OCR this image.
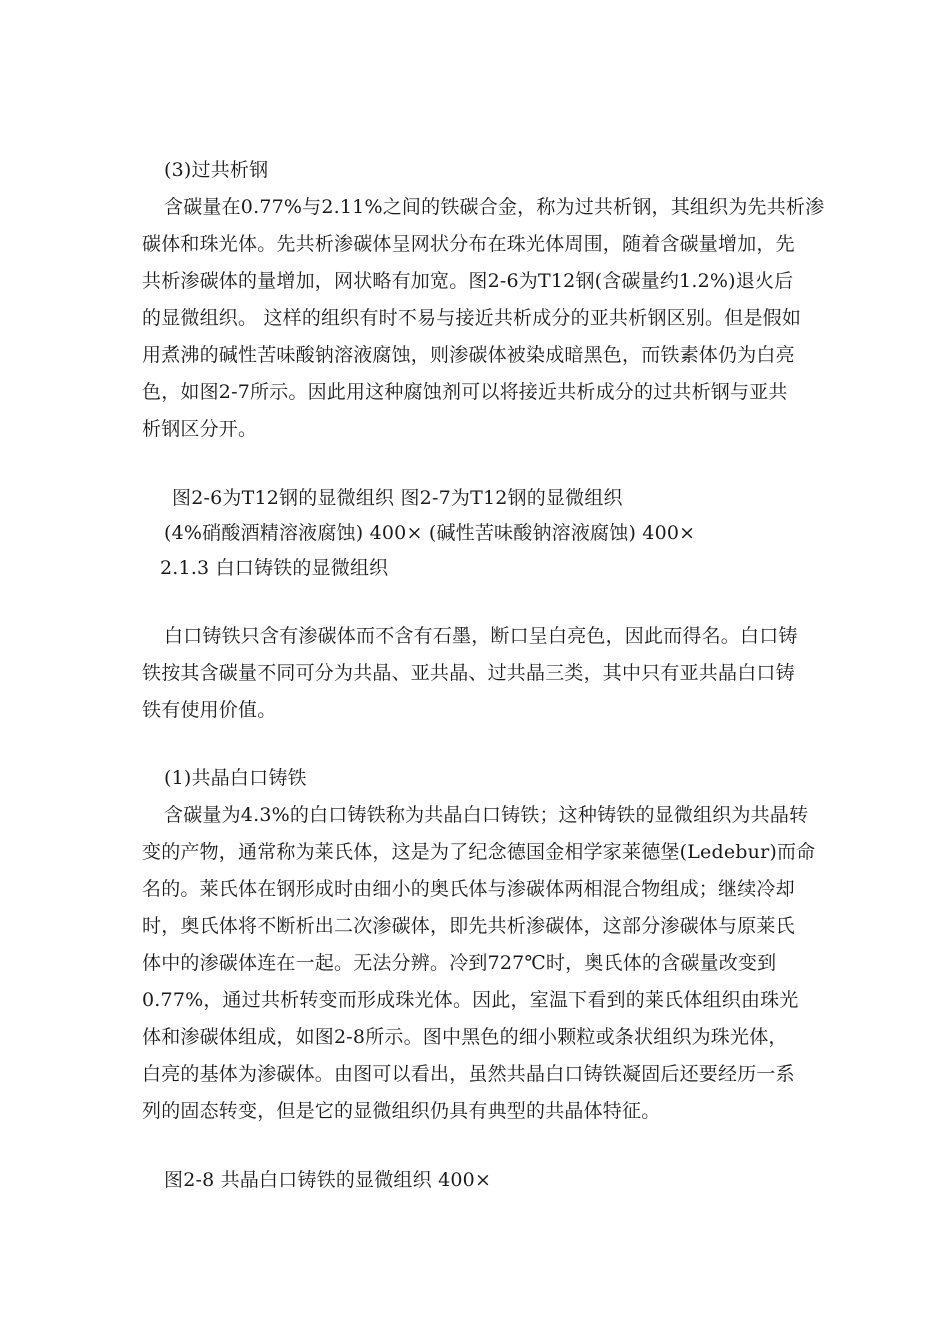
(3)过共析钢
含碳量在0.77%与2.11%之间的铁碳合金，称为过共析钢，其组织为先共析渗
碳体和珠光体。先共析渗碳体呈网状分布在珠光体周围，随着含碳量增加，先
共析渗碳体的量增加，网状略有加宽。图2-6为T12钢(含碳量约1.2%)退火后
的显微组织。 这样的组织有时不易与接近共析成分的亚共析钢区别。但是假如
用煮沸的碱性苦味酸钠溶液腐蚀，则渗碳体被染成暗黑色，而铁素体仍为白亮
色，如图2-7所示。因此用这种腐蚀剂可以将接近共析成分的过共析钢与亚共
析钢区分开。
图2-6为T12钢的显微组织 图2-7为T12钢的显微组织
(4%硝酸酒精溶液腐蚀) 400× (碱性苦味酸钠溶液腐蚀) 400×
2.1.3 白口铸铁的显微组织
白口铸铁只含有渗碳体而不含有石墨，断口呈白亮色，因此而得名。白口铸
铁按其含碳量不同可分为共晶、亚共晶、过共晶三类，其中只有亚共晶白口铸
铁有使用价值。
(1)共晶白口铸铁
含碳量为4.3%的白口铸铁称为共晶白口铸铁；这种铸铁的显微组织为共晶转
变的产物，通常称为莱氏体，这是为了纪念德国金相学家莱德堡(Ledebur)而命
名的。莱氏体在钢形成时由细小的奥氏体与渗碳体两相混合物组成；继续冷却
时，奥氏体将不断析出二次渗碳体，即先共析渗碳体，这部分渗碳体与原莱氏
体中的渗碳体连在一起。无法分辨。冷到727℃时，奥氏体的含碳量改变到
0.77%，通过共析转变而形成珠光体。因此，室温下看到的莱氏体组织由珠光
体和渗碳体组成，如图2-8所示。图中黑色的细小颗粒或条状组织为珠光体，
白亮的基体为渗碳体。由图可以看出，虽然共晶白口铸铁凝固后还要经历一系
列的固态转变，但是它的显微组织仍具有典型的共晶体特征。
图2-8 共晶白口铸铁的显微组织 400×
